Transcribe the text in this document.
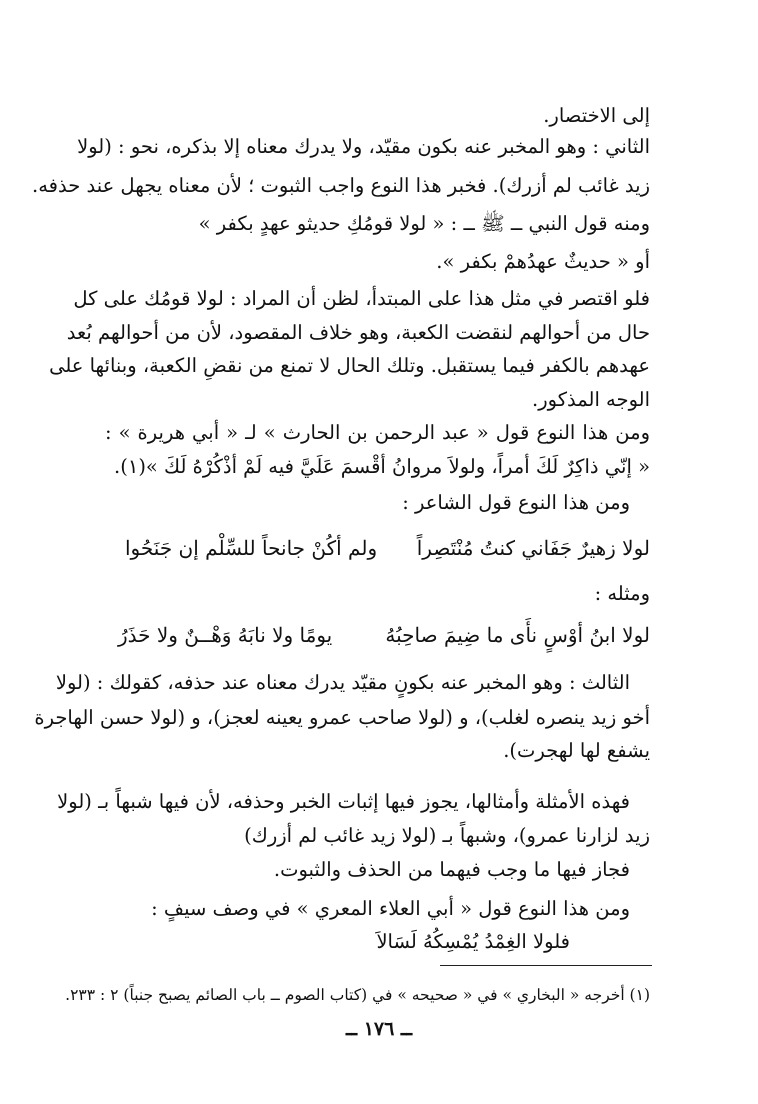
إلى الاختصار.
الثاني : وهو المخبر عنه بكون مقيّد، ولا يدرك معناه إلا بذكره، نحو : (لولا
زيد غائب لم أزرك). فخبر هذا النوع واجب الثبوت ؛ لأن معناه يجهل عند حذفه.
ومنه قول النبي ــ ﷺ ــ : « لولا قومُكِ حديثو عهدٍ بكفر »
أو « حديثٌ عهدُهمْ بكفر ».
فلو اقتصر في مثل هذا على المبتدأ، لظن أن المراد : لولا قومُك على كل
حال من أحوالهم لنقضت الكعبة، وهو خلاف المقصود، لأن من أحوالهم بُعد
عهدهم بالكفر فيما يستقبل. وتلك الحال لا تمنع من نقضِ الكعبة، وبنائها على
الوجه المذكور.
ومن هذا النوع قول « عبد الرحمن بن الحارث » لـ « أبي هريرة » :
« إنّي ذاكِرٌ لَكَ أمراً، ولولاَ مروانُ أقْسمَ عَلَيَّ فيه لَمْ أذْكُرْهُ لَكَ »(١).
ومن هذا النوع قول الشاعر :
لولا زهيرٌ جَفَاني كنتُ مُنْتَصِراً
ولم أكُنْ جانحاً للسِّلْم إن جَنَحُوا
ومثله :
لولا ابنُ أوْسٍ نأَى ما ضِيمَ صاحِبُهُ
يومًا ولا نابَهُ وَهْــنٌ ولا حَذَرُ
الثالث : وهو المخبر عنه بكونٍ مقيّد يدرك معناه عند حذفه، كقولك : (لولا
أخو زيد ينصره لغلب)، و (لولا صاحب عمرو يعينه لعجز)، و (لولا حسن الهاجرة
يشفع لها لهجرت).
فهذه الأمثلة وأمثالها، يجوز فيها إثبات الخبر وحذفه، لأن فيها شبهاً بـ (لولا
زيد لزارنا عمرو)، وشبهاً بـ (لولا زيد غائب لم أزرك)
فجاز فيها ما وجب فيهما من الحذف والثبوت.
ومن هذا النوع قول « أبي العلاء المعري » في وصف سيفٍ :
فلولا الغِمْدُ يُمْسِكُهُ لَسَالاَ
(١) أخرجه « البخاري » في « صحيحه » في (كتاب الصوم ــ باب الصائم يصبح جنباً) ٢ : ٢٣٣.
ــ ١٧٦ ــ
